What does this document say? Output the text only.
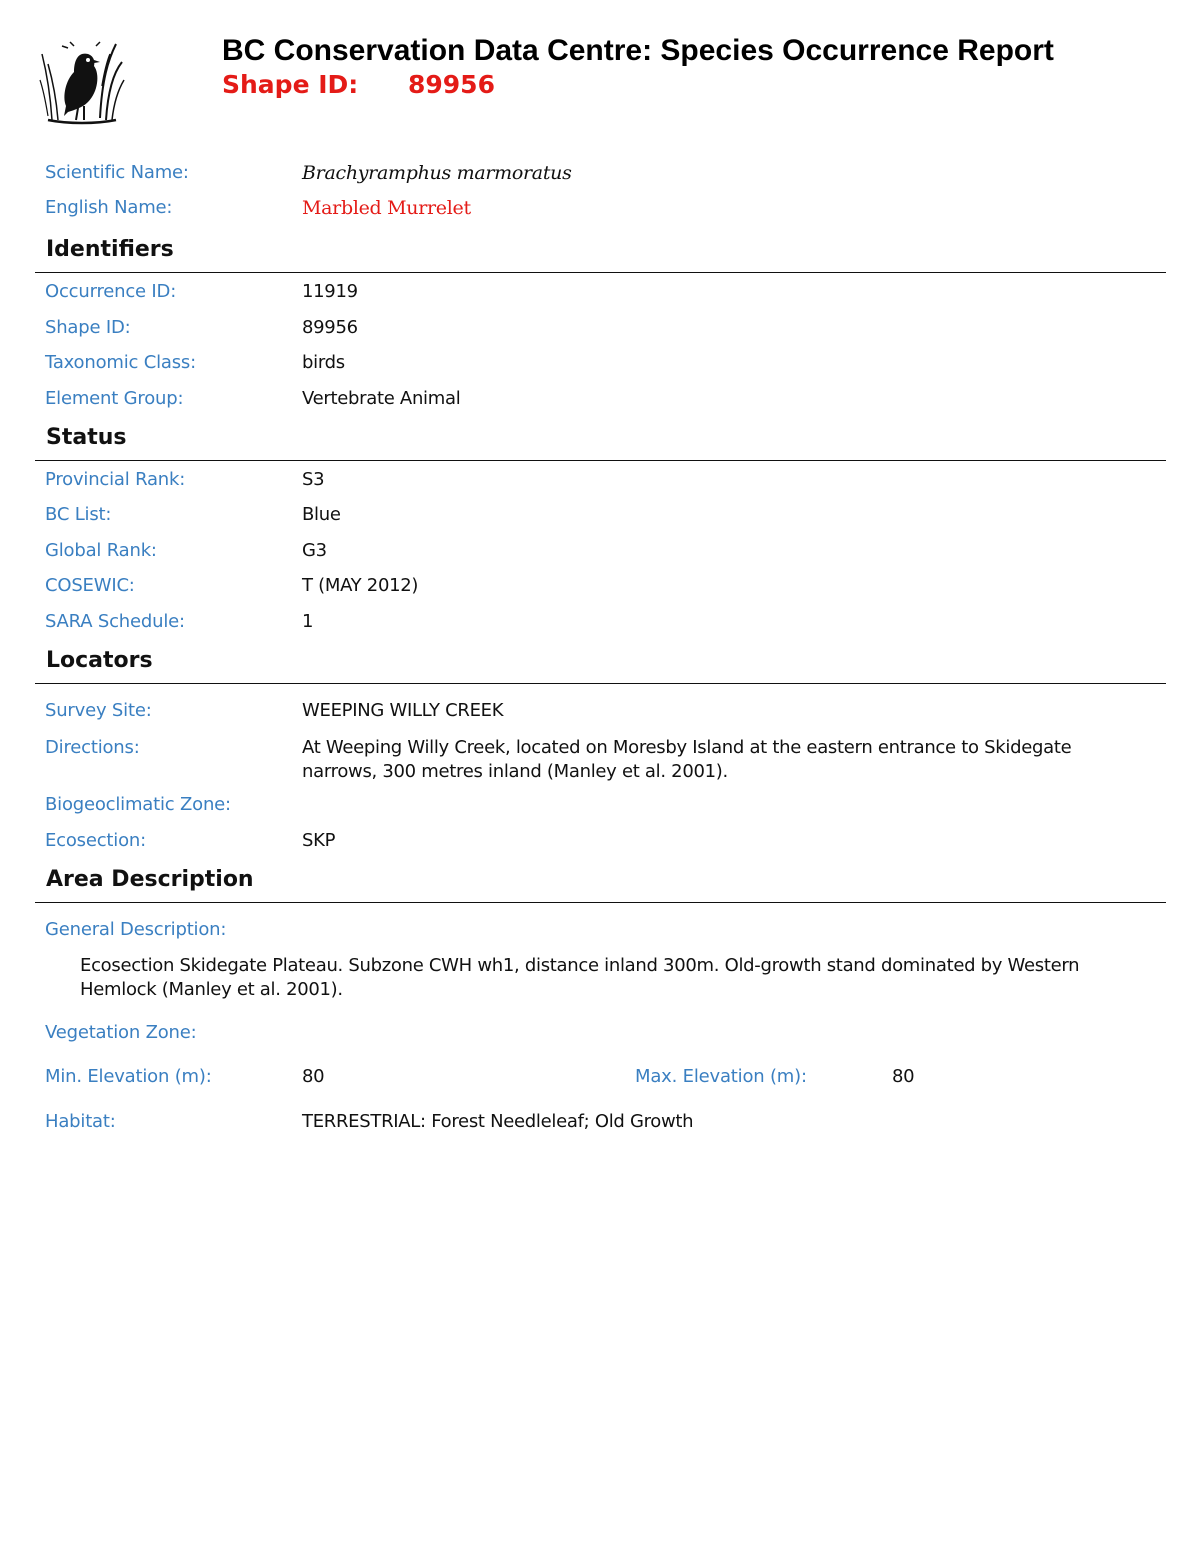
BC Conservation Data Centre: Species Occurrence Report
Shape ID: 89956
Scientific Name:	Brachyramphus marmoratus
English Name:	Marbled Murrelet
Identifiers
Occurrence ID:	11919
Shape ID:	89956
Taxonomic Class:	birds
Element Group:	Vertebrate Animal
Status
Provincial Rank:	S3
BC List:	Blue
Global Rank:	G3
COSEWIC:	T (MAY 2012)
SARA Schedule:	1
Locators
Survey Site:	WEEPING WILLY CREEK
Directions:	At Weeping Willy Creek, located on Moresby Island at the eastern entrance to Skidegate narrows, 300 metres inland (Manley et al. 2001).
Biogeoclimatic Zone:
Ecosection:	SKP
Area Description
General Description:
Ecosection Skidegate Plateau. Subzone CWH wh1, distance inland 300m. Old-growth stand dominated by Western Hemlock (Manley et al. 2001).
Vegetation Zone:
Min. Elevation (m):	80	Max. Elevation (m):	80
Habitat:	TERRESTRIAL: Forest Needleleaf; Old Growth
